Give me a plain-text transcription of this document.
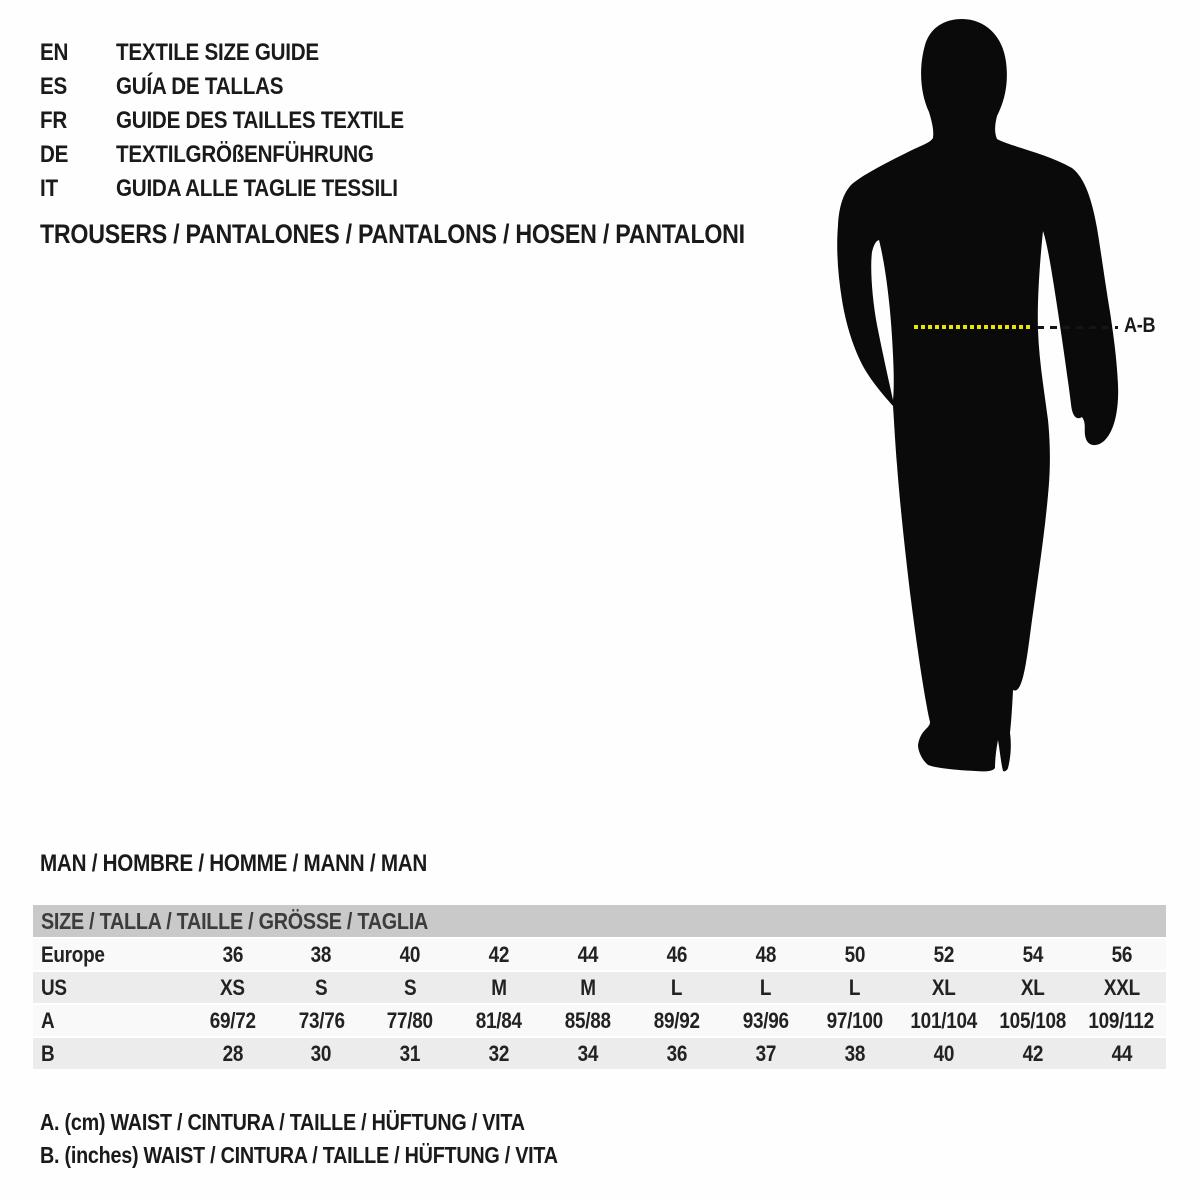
EN	TEXTILE SIZE GUIDE
ES	GUÍA DE TALLAS
FR	GUIDE DES TAILLES TEXTILE
DE	TEXTILGRÖßENFÜHRUNG
IT	GUIDA ALLE TAGLIE TESSILI
TROUSERS / PANTALONES / PANTALONS / HOSEN / PANTALONI
A-B
MAN / HOMBRE / HOMME / MANN / MAN
SIZE / TALLA / TAILLE / GRÖSSE / TAGLIA
Europe	36	38	40	42	44	46	48	50	52	54	56
US	XS	S	S	M	M	L	L	L	XL	XL	XXL
A	69/72 73/76 77/80 81/84 85/88 89/92 93/96 97/100 101/104 105/108 109/112
B	28	30	31	32	34	36	37	38	40	42	44
A. (cm) WAIST / CINTURA / TAILLE / HÜFTUNG / VITA
B. (inches) WAIST / CINTURA / TAILLE / HÜFTUNG / VITA
